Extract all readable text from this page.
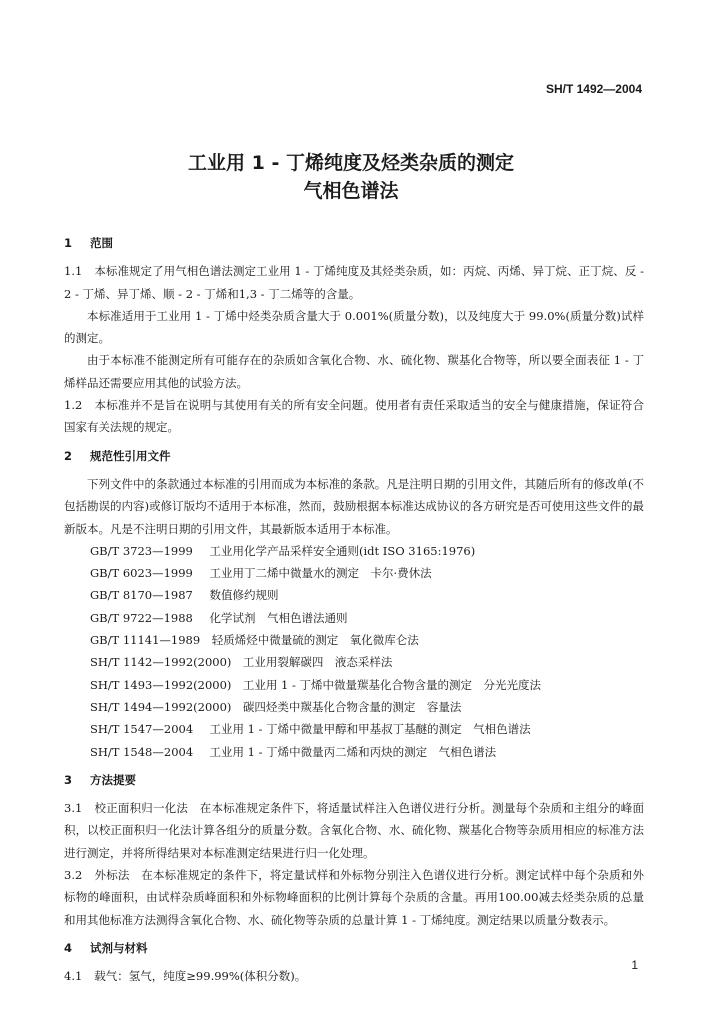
SH/T 1492—2004
工业用 1 - 丁烯纯度及烃类杂质的测定
气相色谱法
1 范围

1.1 本标准规定了用气相色谱法测定工业用 1 - 丁烯纯度及其烃类杂质，如：丙烷、丙烯、异丁烷、正丁烷、反 - 2 - 丁烯、异丁烯、顺 - 2 - 丁烯和1,3 - 丁二烯等的含量。

本标准适用于工业用 1 - 丁烯中烃类杂质含量大于 0.001%(质量分数)，以及纯度大于 99.0%(质量分数)试样的测定。

由于本标准不能测定所有可能存在的杂质如含氧化合物、水、硫化物、羰基化合物等，所以要全面表征 1 - 丁烯样品还需要应用其他的试验方法。

1.2 本标准并不是旨在说明与其使用有关的所有安全问题。使用者有责任采取适当的安全与健康措施，保证符合国家有关法规的规定。

2 规范性引用文件

下列文件中的条款通过本标准的引用而成为本标准的条款。凡是注明日期的引用文件，其随后所有的修改单(不包括勘误的内容)或修订版均不适用于本标准，然而，鼓励根据本标准达成协议的各方研究是否可使用这些文件的最新版本。凡是不注明日期的引用文件，其最新版本适用于本标准。

GB/T 3723—1999　 工业用化学产品采样安全通则(idt ISO 3165:1976)
GB/T 6023—1999　 工业用丁二烯中微量水的测定　卡尔·费休法
GB/T 8170—1987　 数值修约规则
GB/T 9722—1988　 化学试剂　气相色谱法通则
GB/T 11141—1989　 轻质烯烃中微量硫的测定　氧化微库仑法
SH/T 1142—1992(2000)　 工业用裂解碳四　液态采样法
SH/T 1493—1992(2000)　 工业用 1 - 丁烯中微量羰基化合物含量的测定　分光光度法
SH/T 1494—1992(2000)　 碳四烃类中羰基化合物含量的测定　容量法
SH/T 1547—2004　 工业用 1 - 丁烯中微量甲醇和甲基叔丁基醚的测定　气相色谱法
SH/T 1548—2004　 工业用 1 - 丁烯中微量丙二烯和丙炔的测定　气相色谱法
3 方法提要

3.1 校正面积归一化法　在本标准规定条件下，将适量试样注入色谱仪进行分析。测量每个杂质和主组分的峰面积，以校正面积归一化法计算各组分的质量分数。含氧化合物、水、硫化物、羰基化合物等杂质用相应的标准方法进行测定，并将所得结果对本标准测定结果进行归一化处理。

3.2 外标法　在本标准规定的条件下，将定量试样和外标物分别注入色谱仪进行分析。测定试样中每个杂质和外标物的峰面积，由试样杂质峰面积和外标物峰面积的比例计算每个杂质的含量。再用100.00减去烃类杂质的总量和用其他标准方法测得含氧化合物、水、硫化物等杂质的总量计算 1 - 丁烯纯度。测定结果以质量分数表示。

4 试剂与材料

4.1 载气：氢气，纯度≥99.99%(体积分数)。

1
